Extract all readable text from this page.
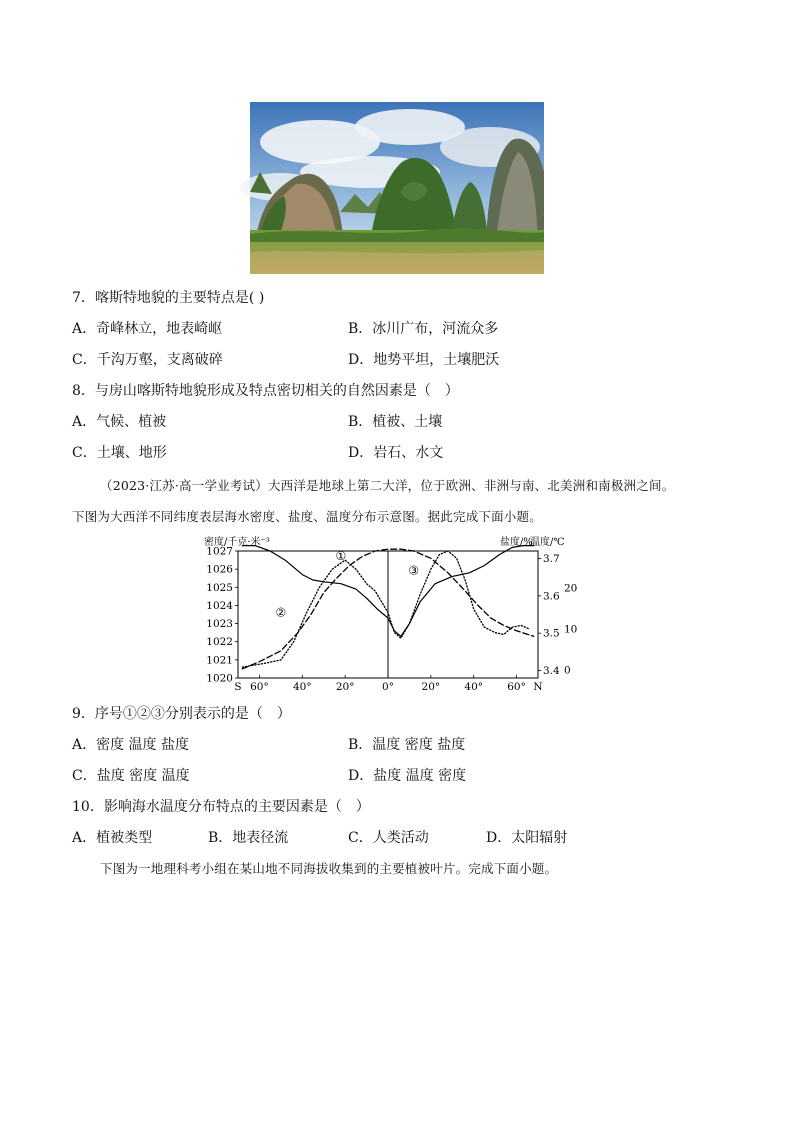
7．喀斯特地貌的主要特点是( )
A．奇峰林立，地表崎岖	B．冰川广布，河流众多
C．千沟万壑，支离破碎	D．地势平坦，土壤肥沃
8．与房山喀斯特地貌形成及特点密切相关的自然因素是（　）
A．气候、植被	B．植被、土壤
C．土壤、地形	D．岩石、水文
（2023·江苏·高一学业考试）大西洋是地球上第二大洋，位于欧洲、非洲与南、北美洲和南极洲之间。
下图为大西洋不同纬度表层海水密度、盐度、温度分布示意图。据此完成下面小题。
密度/千克·米⁻³	盐度/%
温度/℃
1027
1026
1025
1024
1023
1022
1021
1020
3.7
3.6
3.5
3.4
20
10
0
S 60° 40° 20°	0°	20° 40° 60° N
①
②
③
9．序号①②③分别表示的是（　）
A．密度 温度 盐度	B．温度 密度 盐度
C．盐度 密度 温度	D．盐度 温度 密度
10．影响海水温度分布特点的主要因素是（　）
A．植被类型	B．地表径流	C．人类活动	D．太阳辐射
下图为一地理科考小组在某山地不同海拔收集到的主要植被叶片。完成下面小题。
